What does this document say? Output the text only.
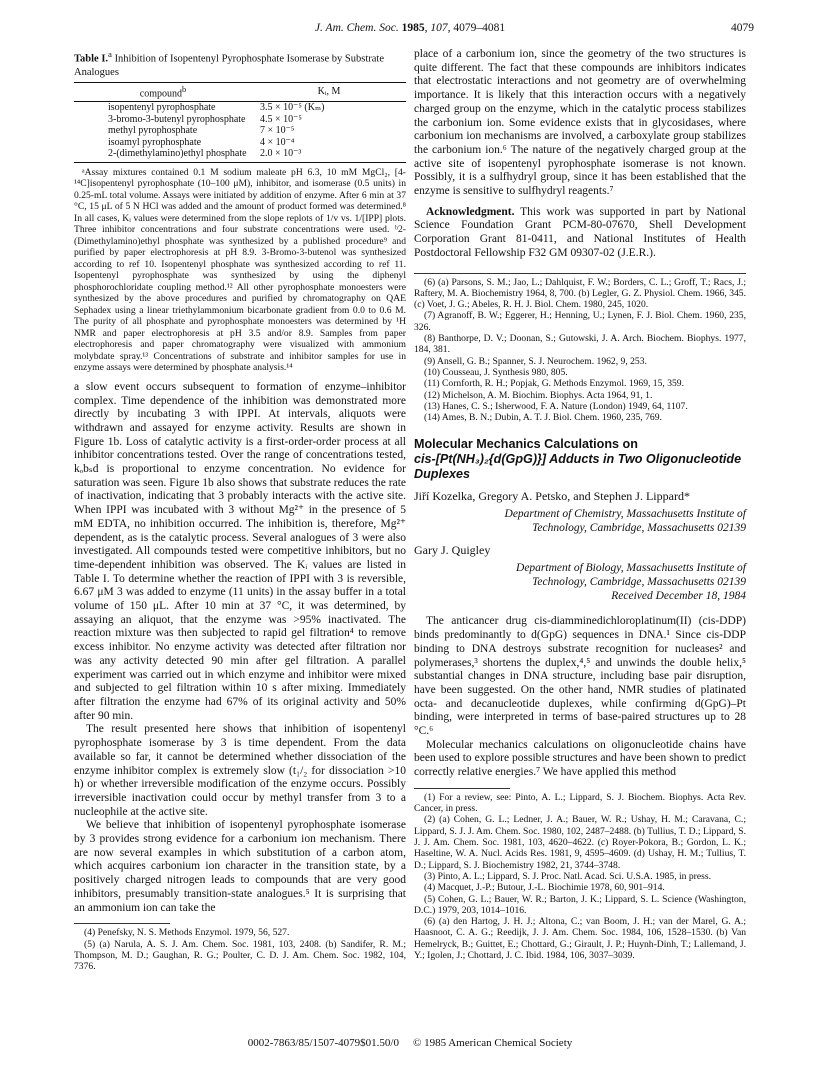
J. Am. Chem. Soc. 1985, 107, 4079–4081	4079
Table I.$^a$ Inhibition of Isopentenyl Pyrophosphate Isomerase by Substrate Analogues
compound$^b$	Kᵢ, M
isopentenyl pyrophosphate	3.5 × 10⁻⁵ (Kₘ)
3-bromo-3-butenyl pyrophosphate	4.5 × 10⁻⁵
methyl pyrophosphate	7 × 10⁻⁵
isoamyl pyrophosphate	4 × 10⁻⁴
2-(dimethylamino)ethyl phosphate	2.0 × 10⁻³

ᵃAssay mixtures contained 0.1 M sodium maleate pH 6.3, 10 mM MgCl₂, [4-¹⁴C]isopentenyl pyrophosphate (10–100 μM), inhibitor, and isomerase (0.5 units) in 0.25-mL total volume. Assays were initiated by addition of enzyme. After 6 min at 37 °C, 15 μL of 5 N HCl was added and the amount of product formed was determined.⁸ In all cases, Kᵢ values were determined from the slope replots of 1/v vs. 1/[IPP] plots. Three inhibitor concentrations and four substrate concentrations were used. ᵇ2-(Dimethylamino)ethyl phosphate was synthesized by a published procedure⁹ and purified by paper electrophoresis at pH 8.9. 3-Bromo-3-butenol was synthesized according to ref 10. Isopentenyl phosphate was synthesized according to ref 11. Isopentenyl pyrophosphate was synthesized by using the diphenyl phosphorochloridate coupling method.¹² All other pyrophosphate monoesters were synthesized by the above procedures and purified by chromatography on QAE Sephadex using a linear triethylammonium bicarbonate gradient from 0.0 to 0.6 M. The purity of all phosphate and pyrophosphate monoesters was determined by ¹H NMR and paper electrophoresis at pH 3.5 and/or 8.9. Samples from paper electrophoresis and paper chromatography were visualized with ammonium molybdate spray.¹³ Concentrations of substrate and inhibitor samples for use in enzyme assays were determined by phosphate analysis.¹⁴

a slow event occurs subsequent to formation of enzyme–inhibitor complex. Time dependence of the inhibition was demonstrated more directly by incubating 3 with IPPI. At intervals, aliquots were withdrawn and assayed for enzyme activity. Results are shown in Figure 1b. Loss of catalytic activity is a first-order-order process at all inhibitor concentrations tested. Over the range of concentrations tested, kₒbₛd is proportional to enzyme concentration. No evidence for saturation was seen. Figure 1b also shows that substrate reduces the rate of inactivation, indicating that 3 probably interacts with the active site. When IPPI was incubated with 3 without Mg²⁺ in the presence of 5 mM EDTA, no inhibition occurred. The inhibition is, therefore, Mg²⁺ dependent, as is the catalytic process. Several analogues of 3 were also investigated. All compounds tested were competitive inhibitors, but no time-dependent inhibition was observed. The Kᵢ values are listed in Table I. To determine whether the reaction of IPPI with 3 is reversible, 6.67 μM 3 was added to enzyme (11 units) in the assay buffer in a total volume of 150 μL. After 10 min at 37 °C, it was determined, by assaying an aliquot, that the enzyme was >95% inactivated. The reaction mixture was then subjected to rapid gel filtration⁴ to remove excess inhibitor. No enzyme activity was detected after filtration nor was any activity detected 90 min after gel filtration. A parallel experiment was carried out in which enzyme and inhibitor were mixed and subjected to gel filtration within 10 s after mixing. Immediately after filtration the enzyme had 67% of its original activity and 50% after 90 min.

The result presented here shows that inhibition of isopentenyl pyrophosphate isomerase by 3 is time dependent. From the data available so far, it cannot be determined whether dissociation of the enzyme inhibitor complex is extremely slow (t₁/₂ for dissociation >10 h) or whether irreversible modification of the enzyme occurs. Possibly irreversible inactivation could occur by methyl transfer from 3 to a nucleophile at the active site.

We believe that inhibition of isopentenyl pyrophosphate isomerase by 3 provides strong evidence for a carbonium ion mechanism. There are now several examples in which substitution of a carbon atom, which acquires carbonium ion character in the transition state, by a positively charged nitrogen leads to compounds that are very good inhibitors, presumably transition-state analogues.⁵ It is surprising that an ammonium ion can take the

(4) Penefsky, N. S. Methods Enzymol. 1979, 56, 527.

(5) (a) Narula, A. S. J. Am. Chem. Soc. 1981, 103, 2408. (b) Sandifer, R. M.; Thompson, M. D.; Gaughan, R. G.; Poulter, C. D. J. Am. Chem. Soc. 1982, 104, 7376.

place of a carbonium ion, since the geometry of the two structures is quite different. The fact that these compounds are inhibitors indicates that electrostatic interactions and not geometry are of overwhelming importance. It is likely that this interaction occurs with a negatively charged group on the enzyme, which in the catalytic process stabilizes the carbonium ion. Some evidence exists that in glycosidases, where carbonium ion mechanisms are involved, a carboxylate group stabilizes the carbonium ion.⁶ The nature of the negatively charged group at the active site of isopentenyl pyrophosphate isomerase is not known. Possibly, it is a sulfhydryl group, since it has been established that the enzyme is sensitive to sulfhydryl reagents.⁷

Acknowledgment. This work was supported in part by National Science Foundation Grant PCM-80-07670, Shell Development Corporation Grant 81-0411, and National Institutes of Health Postdoctoral Fellowship F32 GM 09307-02 (J.E.R.).

(6) (a) Parsons, S. M.; Jao, L.; Dahlquist, F. W.; Borders, C. L.; Groff, T.; Racs, J.; Raftery, M. A. Biochemistry 1964, 8, 700. (b) Legler, G. Z. Physiol. Chem. 1966, 345. (c) Voet, J. G.; Abeles, R. H. J. Biol. Chem. 1980, 245, 1020.

(7) Agranoff, B. W.; Eggerer, H.; Henning, U.; Lynen, F. J. Biol. Chem. 1960, 235, 326.

(8) Banthorpe, D. V.; Doonan, S.; Gutowski, J. A. Arch. Biochem. Biophys. 1977, 184, 381.

(9) Ansell, G. B.; Spanner, S. J. Neurochem. 1962, 9, 253.

(10) Cousseau, J. Synthesis 980, 805.

(11) Cornforth, R. H.; Popjak, G. Methods Enzymol. 1969, 15, 359.

(12) Michelson, A. M. Biochim. Biophys. Acta 1964, 91, 1.

(13) Hanes, C. S.; Isherwood, F. A. Nature (London) 1949, 64, 1107.

(14) Ames, B. N.; Dubin, A. T. J. Biol. Chem. 1960, 235, 769.

Molecular Mechanics Calculations on
cis-[Pt(NH₃)₂{d(GpG)}] Adducts in Two Oligonucleotide Duplexes
Jiří Kozelka, Gregory A. Petsko, and Stephen J. Lippard*
Department of Chemistry, Massachusetts Institute of
Technology, Cambridge, Massachusetts 02139
Gary J. Quigley
Department of Biology, Massachusetts Institute of
Technology, Cambridge, Massachusetts 02139
Received December 18, 1984

The anticancer drug cis-diamminedichloroplatinum(II) (cis-DDP) binds predominantly to d(GpG) sequences in DNA.¹ Since cis-DDP binding to DNA destroys substrate recognition for nucleases² and polymerases,³ shortens the duplex,⁴,⁵ and unwinds the double helix,⁵ substantial changes in DNA structure, including base pair disruption, have been suggested. On the other hand, NMR studies of platinated octa- and decanucleotide duplexes, while confirming d(GpG)–Pt binding, were interpreted in terms of base-paired structures up to 28 °C.⁶

Molecular mechanics calculations on oligonucleotide chains have been used to explore possible structures and have been shown to predict correctly relative energies.⁷ We have applied this method

(1) For a review, see: Pinto, A. L.; Lippard, S. J. Biochem. Biophys. Acta Rev. Cancer, in press.

(2) (a) Cohen, G. L.; Ledner, J. A.; Bauer, W. R.; Ushay, H. M.; Caravana, C.; Lippard, S. J. J. Am. Chem. Soc. 1980, 102, 2487–2488. (b) Tullius, T. D.; Lippard, S. J. J. Am. Chem. Soc. 1981, 103, 4620–4622. (c) Royer-Pokora, B.; Gordon, L. K.; Haseltine, W. A. Nucl. Acids Res. 1981, 9, 4595–4609. (d) Ushay, H. M.; Tullius, T. D.; Lippard, S. J. Biochemistry 1982, 21, 3744–3748.

(3) Pinto, A. L.; Lippard, S. J. Proc. Natl. Acad. Sci. U.S.A. 1985, in press.

(4) Macquet, J.-P.; Butour, J.-L. Biochimie 1978, 60, 901–914.

(5) Cohen, G. L.; Bauer, W. R.; Barton, J. K.; Lippard, S. L. Science (Washington, D.C.) 1979, 203, 1014–1016.

(6) (a) den Hartog, J. H. J.; Altona, C.; van Boom, J. H.; van der Marel, G. A.; Haasnoot, C. A. G.; Reedijk, J. J. Am. Chem. Soc. 1984, 106, 1528–1530. (b) Van Hemelryck, B.; Guittet, E.; Chottard, G.; Girault, J. P.; Huynh-Dinh, T.; Lallemand, J. Y.; Igolen, J.; Chottard, J. C. Ibid. 1984, 106, 3037–3039.

0002-7863/85/1507-4079$01.50/0 © 1985 American Chemical Society
